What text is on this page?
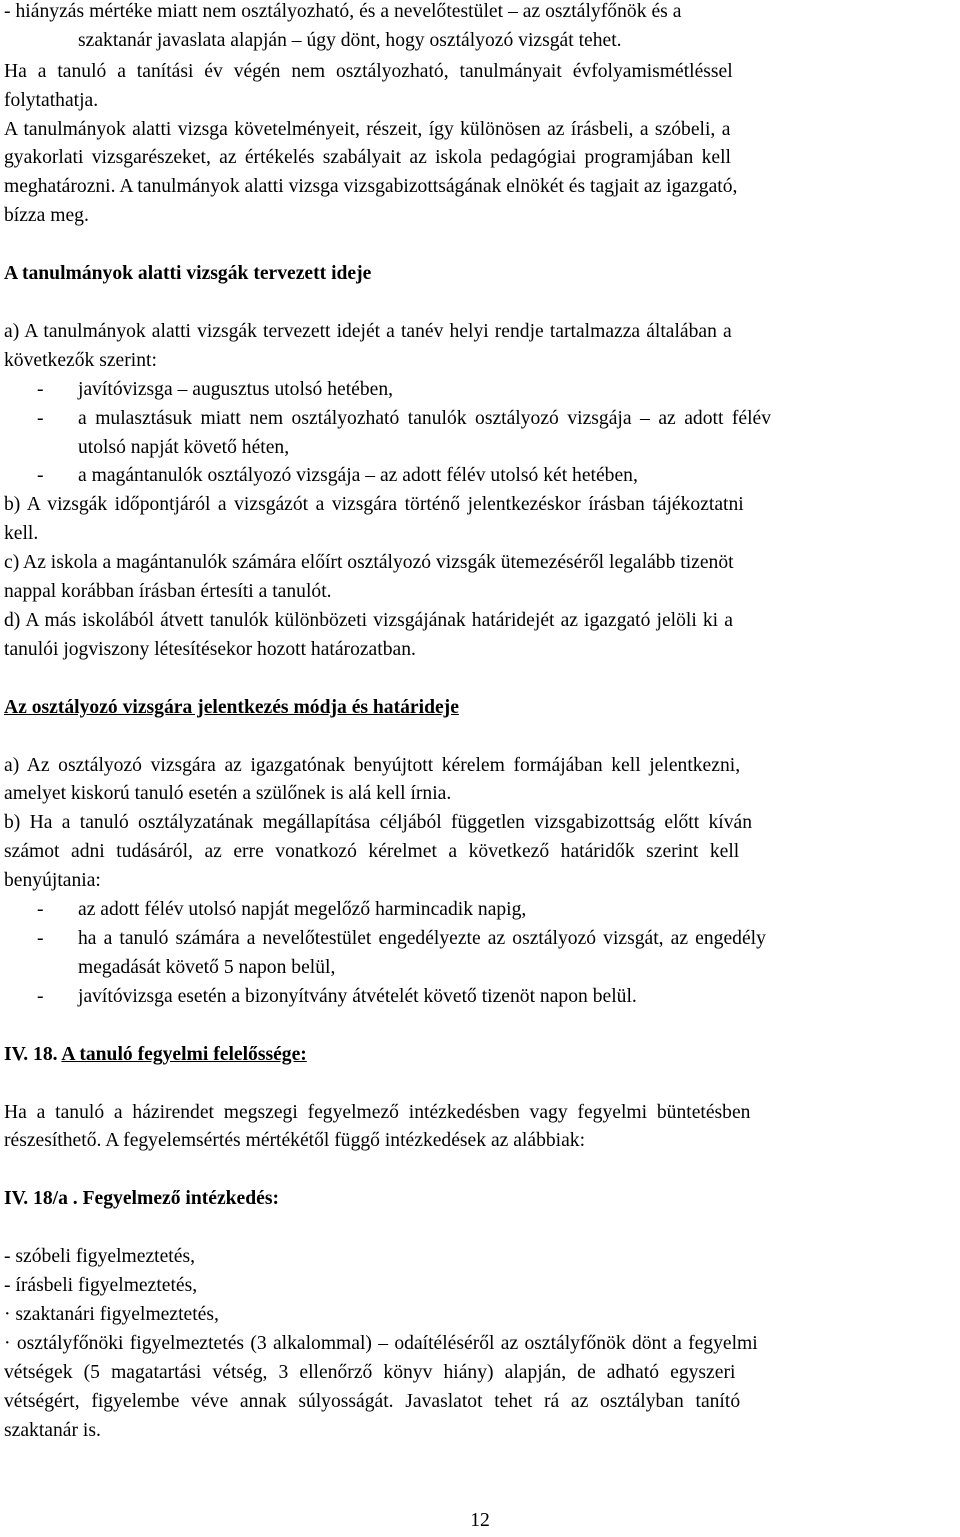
- hiányzás mértéke miatt nem osztályozható, és a nevelőtestület – az osztályfőnök és a
szaktanár javaslata alapján – úgy dönt, hogy osztályozó vizsgát tehet.
Ha a tanuló a tanítási év végén nem osztályozható, tanulmányait évfolyamismétléssel
folytathatja.
A tanulmányok alatti vizsga követelményeit, részeit, így különösen az írásbeli, a szóbeli, a
gyakorlati vizsgarészeket, az értékelés szabályait az iskola pedagógiai programjában kell
meghatározni. A tanulmányok alatti vizsga vizsgabizottságának elnökét és tagjait az igazgató,
bízza meg.
A tanulmányok alatti vizsgák tervezett ideje
a) A tanulmányok alatti vizsgák tervezett idejét a tanév helyi rendje tartalmazza általában a
következők szerint:
- javítóvizsga – augusztus utolsó hetében,
- a mulasztásuk miatt nem osztályozható tanulók osztályozó vizsgája – az adott félév
utolsó napját követő héten,
- a magántanulók osztályozó vizsgája – az adott félév utolsó két hetében,
b) A vizsgák időpontjáról a vizsgázót a vizsgára történő jelentkezéskor írásban tájékoztatni
kell.
c) Az iskola a magántanulók számára előírt osztályozó vizsgák ütemezéséről legalább tizenöt
nappal korábban írásban értesíti a tanulót.
d) A más iskolából átvett tanulók különbözeti vizsgájának határidejét az igazgató jelöli ki a
tanulói jogviszony létesítésekor hozott határozatban.
Az osztályozó vizsgára jelentkezés módja és határideje
a) Az osztályozó vizsgára az igazgatónak benyújtott kérelem formájában kell jelentkezni,
amelyet kiskorú tanuló esetén a szülőnek is alá kell írnia.
b) Ha a tanuló osztályzatának megállapítása céljából független vizsgabizottság előtt kíván
számot adni tudásáról, az erre vonatkozó kérelmet a következő határidők szerint kell
benyújtania:
- az adott félév utolsó napját megelőző harmincadik napig,
- ha a tanuló számára a nevelőtestület engedélyezte az osztályozó vizsgát, az engedély
megadását követő 5 napon belül,
- javítóvizsga esetén a bizonyítvány átvételét követő tizenöt napon belül.
IV. 18. A tanuló fegyelmi felelőssége:
Ha a tanuló a házirendet megszegi fegyelmező intézkedésben vagy fegyelmi büntetésben
részesíthető. A fegyelemsértés mértékétől függő intézkedések az alábbiak:
IV. 18/a . Fegyelmező intézkedés:
- szóbeli figyelmeztetés,
- írásbeli figyelmeztetés,
· szaktanári figyelmeztetés,
· osztályfőnöki figyelmeztetés (3 alkalommal) – odaítéléséről az osztályfőnök dönt a fegyelmi
vétségek (5 magatartási vétség, 3 ellenőrző könyv hiány) alapján, de adható egyszeri
vétségért, figyelembe véve annak súlyosságát. Javaslatot tehet rá az osztályban tanító
szaktanár is.
12
